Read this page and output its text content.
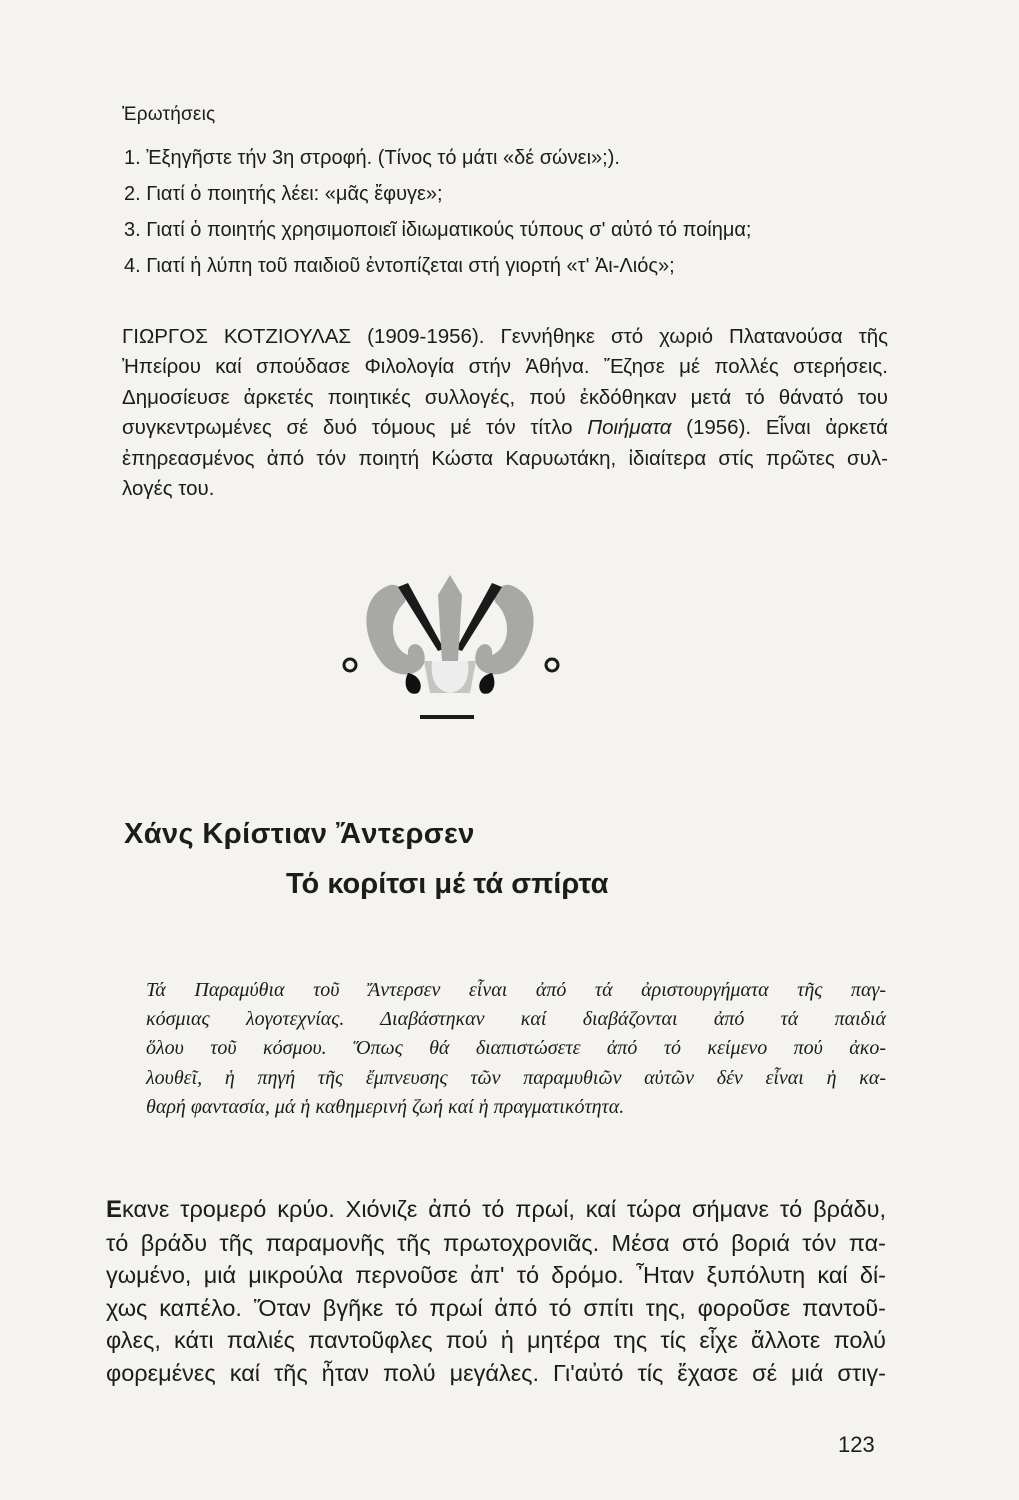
Ἐρωτήσεις
1. Ἐξηγῆστε τήν 3η στροφή. (Τίνος τό μάτι «δέ σώνει»;).
2. Γιατί ὁ ποιητής λέει: «μᾶς ἔφυγε»;
3. Γιατί ὁ ποιητής χρησιμοποιεῖ ἰδιωματικούς τύπους σ' αὐτό τό ποίημα;
4. Γιατί ἡ λύπη τοῦ παιδιοῦ ἐντοπίζεται στή γιορτή «τ' Ἀι-Λιός»;
ΓΙΩΡΓΟΣ ΚΟΤΖΙΟΥΛΑΣ (1909-1956). Γεννήθηκε στό χωριό Πλατανούσα τῆς
Ἠπείρου καί σπούδασε Φιλολογία στήν Ἀθήνα. Ἔζησε μέ πολλές στερήσεις.
Δημοσίευσε ἀρκετές ποιητικές συλλογές, πού ἐκδόθηκαν μετά τό θάνατό του
συγκεντρωμένες σέ δυό τόμους μέ τόν τίτλο Ποιήματα (1956). Εἶναι ἀρκετά
ἐπηρεασμένος ἀπό τόν ποιητή Κώστα Καρυωτάκη, ἰδιαίτερα στίς πρῶτες συλ-
λογές του.
Χάνς Κρίστιαν Ἄντερσεν
Τό κορίτσι μέ τά σπίρτα
Τά Παραμύθια τοῦ Ἄντερσεν εἶναι ἀπό τά ἀριστουργήματα τῆς παγ-
κόσμιας λογοτεχνίας. Διαβάστηκαν καί διαβάζονται ἀπό τά παιδιά
ὅλου τοῦ κόσμου. Ὅπως θά διαπιστώσετε ἀπό τό κείμενο πού ἀκο-
λουθεῖ, ἡ πηγή τῆς ἔμπνευσης τῶν παραμυθιῶν αὐτῶν δέν εἶναι ἡ κα-
θαρή φαντασία, μά ἡ καθημερινή ζωή καί ἡ πραγματικότητα.
Εκανε τρομερό κρύο. Χιόνιζε ἀπό τό πρωί, καί τώρα σήμανε τό βράδυ,
τό βράδυ τῆς παραμονῆς τῆς πρωτοχρονιᾶς. Μέσα στό βοριά τόν πα-
γωμένο, μιά μικρούλα περνοῦσε ἀπ' τό δρόμο. Ἦταν ξυπόλυτη καί δί-
χως καπέλο. Ὅταν βγῆκε τό πρωί ἀπό τό σπίτι της, φοροῦσε παντοῦ-
φλες, κάτι παλιές παντοῦφλες πού ἡ μητέρα της τίς εἶχε ἄλλοτε πολύ
φορεμένες καί τῆς ἦταν πολύ μεγάλες. Γι'αὐτό τίς ἔχασε σέ μιά στιγ-
123
